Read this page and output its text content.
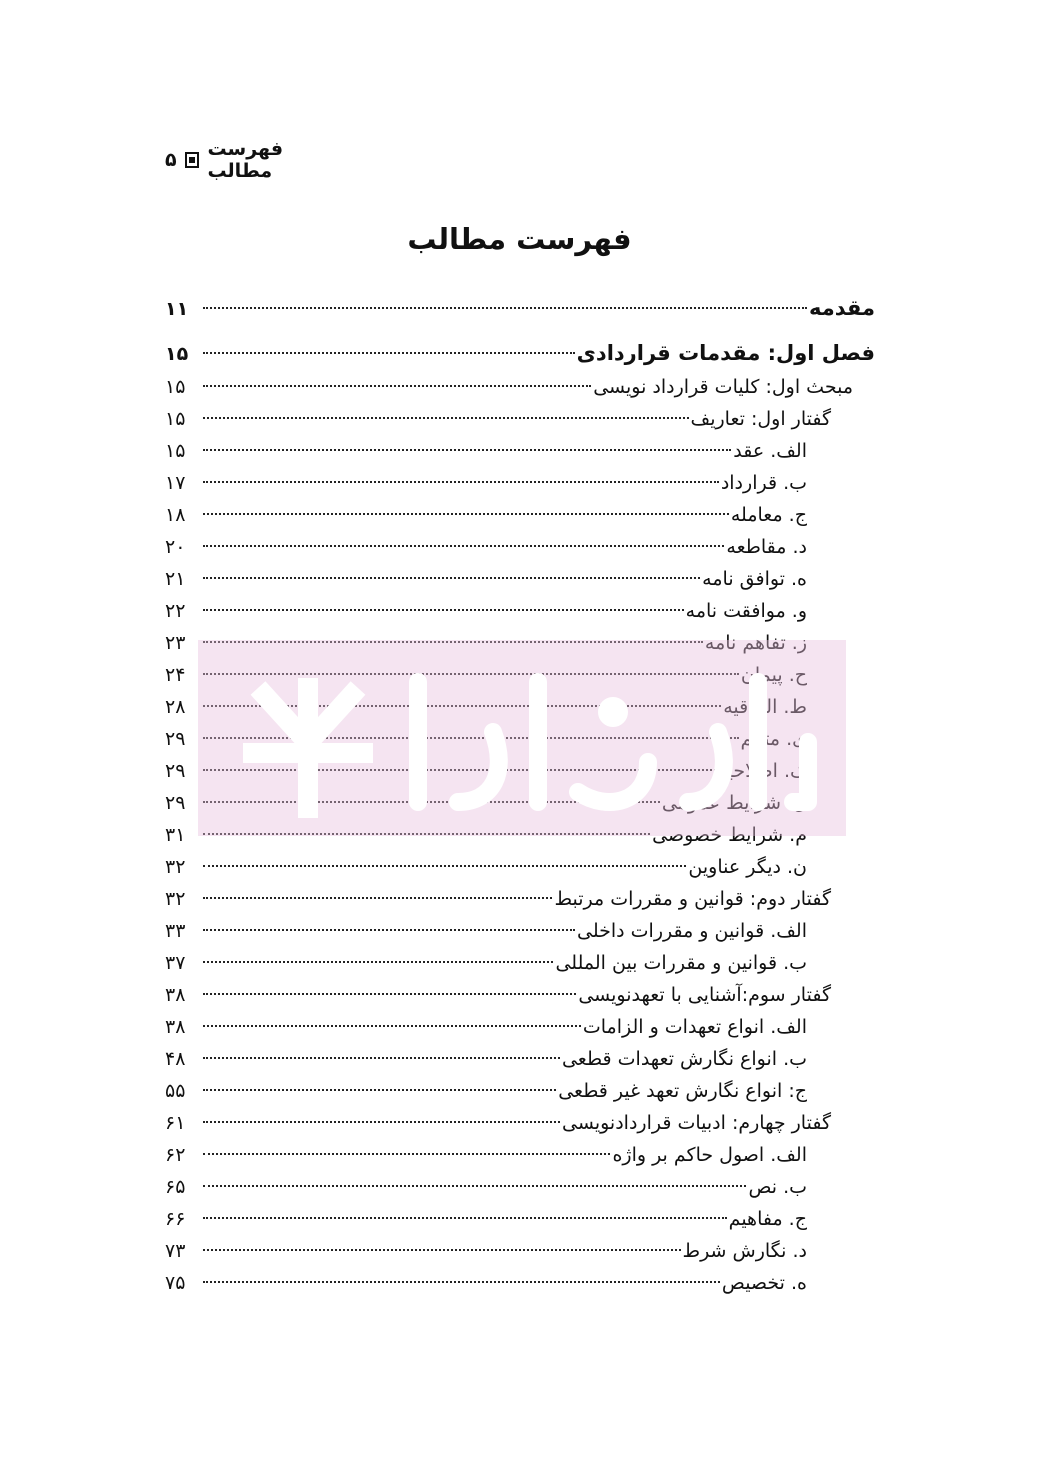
فهرست مطالب
۵
فهرست مطالب
مقدمه
۱۱
فصل اول: مقدمات قراردادی
۱۵
مبحث اول: کلیات قرارداد نویسی
۱۵
گفتار اول: تعاریف
۱۵
الف. عقد
۱۵
ب. قرارداد
۱۷
ج. معامله
۱۸
د. مقاطعه
۲۰
ه. توافق نامه
۲۱
و. موافقت نامه
۲۲
ز. تفاهم نامه
۲۳
ح. پیمان
۲۴
ط. الحاقیه
۲۸
ی. متمم
۲۹
ک. اصلاحیه
۲۹
ل. شرایط عمومی
۲۹
م. شرایط خصوصی
۳۱
ن. دیگر عناوین
۳۲
گفتار دوم: قوانین و مقررات مرتبط
۳۲
الف. قوانین و مقررات داخلی
۳۳
ب. قوانین و مقررات بین المللی
۳۷
گفتار سوم:آشنایی با تعهدنویسی
۳۸
الف. انواع تعهدات و الزامات
۳۸
ب. انواع نگارش تعهدات قطعی
۴۸
ج: انواع نگارش تعهد غیر قطعی
۵۵
گفتار چهارم: ادبیات قراردادنویسی
۶۱
الف. اصول حاکم بر واژه
۶۲
ب. نص
۶۵
ج. مفاهیم
۶۶
د. نگارش شرط
۷۳
ه. تخصیص
۷۵
